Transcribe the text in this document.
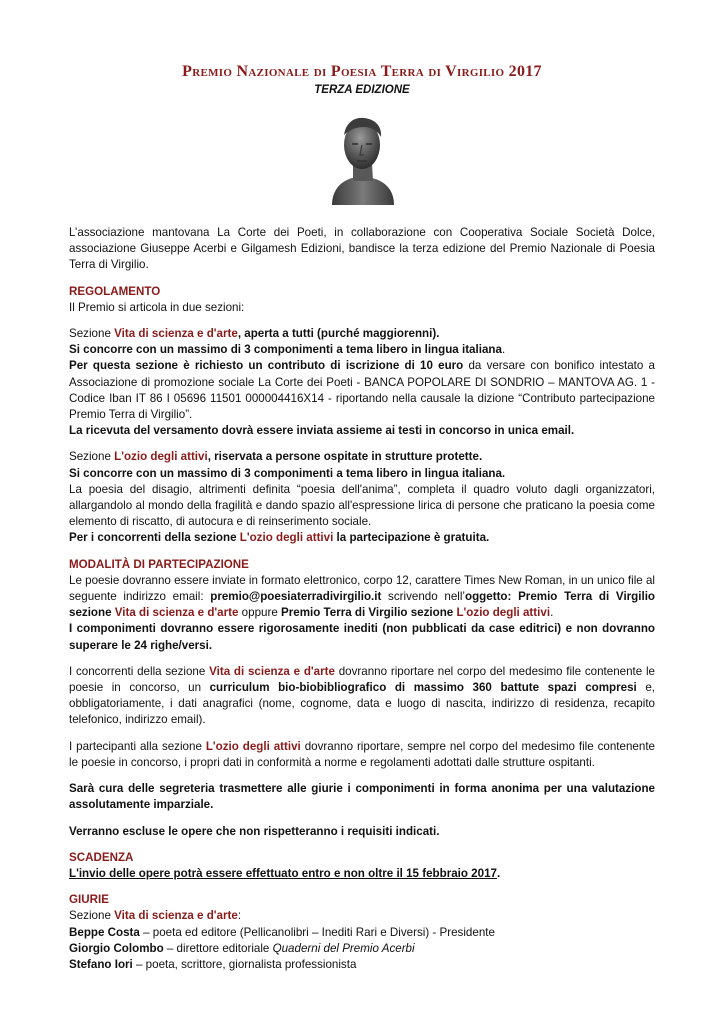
Premio Nazionale di Poesia Terra di Virgilio 2017
TERZA EDIZIONE

L’associazione mantovana La Corte dei Poeti, in collaborazione con Cooperativa Sociale Società Dolce, associazione Giuseppe Acerbi e Gilgamesh Edizioni, bandisce la terza edizione del Premio Nazionale di Poesia Terra di Virgilio.

REGOLAMENTO

Il Premio si articola in due sezioni:

Sezione Vita di scienza e d'arte, aperta a tutti (purché maggiorenni).

Si concorre con un massimo di 3 componimenti a tema libero in lingua italiana.

Per questa sezione è richiesto un contributo di iscrizione di 10 euro da versare con bonifico intestato a Associazione di promozione sociale La Corte dei Poeti - BANCA POPOLARE DI SONDRIO – MANTOVA AG. 1 - Codice Iban IT 86 I 05696 11501 000004416X14 - riportando nella causale la dizione “Contributo partecipazione Premio Terra di Virgilio”.

La ricevuta del versamento dovrà essere inviata assieme ai testi in concorso in unica email.

Sezione L'ozio degli attivi, riservata a persone ospitate in strutture protette.

Si concorre con un massimo di 3 componimenti a tema libero in lingua italiana.

La poesia del disagio, altrimenti definita “poesia dell'anima”, completa il quadro voluto dagli organizzatori, allargandolo al mondo della fragilità e dando spazio all'espressione lirica di persone che praticano la poesia come elemento di riscatto, di autocura e di reinserimento sociale.

Per i concorrenti della sezione L'ozio degli attivi la partecipazione è gratuita.

MODALITÀ DI PARTECIPAZIONE

Le poesie dovranno essere inviate in formato elettronico, corpo 12, carattere Times New Roman, in un unico file al seguente indirizzo email: premio@poesiaterradivirgilio.it scrivendo nell’oggetto: Premio Terra di Virgilio sezione Vita di scienza e d'arte oppure Premio Terra di Virgilio sezione L'ozio degli attivi.

I componimenti dovranno essere rigorosamente inediti (non pubblicati da case editrici) e non dovranno superare le 24 righe/versi.

I concorrenti della sezione Vita di scienza e d'arte dovranno riportare nel corpo del medesimo file contenente le poesie in concorso, un curriculum bio-biobibliografico di massimo 360 battute spazi compresi e, obbligatoriamente, i dati anagrafici (nome, cognome, data e luogo di nascita, indirizzo di residenza, recapito telefonico, indirizzo email).

I partecipanti alla sezione L'ozio degli attivi dovranno riportare, sempre nel corpo del medesimo file contenente le poesie in concorso, i propri dati in conformità a norme e regolamenti adottati dalle strutture ospitanti.

Sarà cura delle segreteria trasmettere alle giurie i componimenti in forma anonima per una valutazione assolutamente imparziale.

Verranno escluse le opere che non rispetteranno i requisiti indicati.

SCADENZA

L'invio delle opere potrà essere effettuato entro e non oltre il 15 febbraio 2017.

GIURIE

Sezione Vita di scienza e d'arte:

Beppe Costa – poeta ed editore (Pellicanolibri – Inediti Rari e Diversi) - Presidente

Giorgio Colombo – direttore editoriale Quaderni del Premio Acerbi

Stefano Iori – poeta, scrittore, giornalista professionista
